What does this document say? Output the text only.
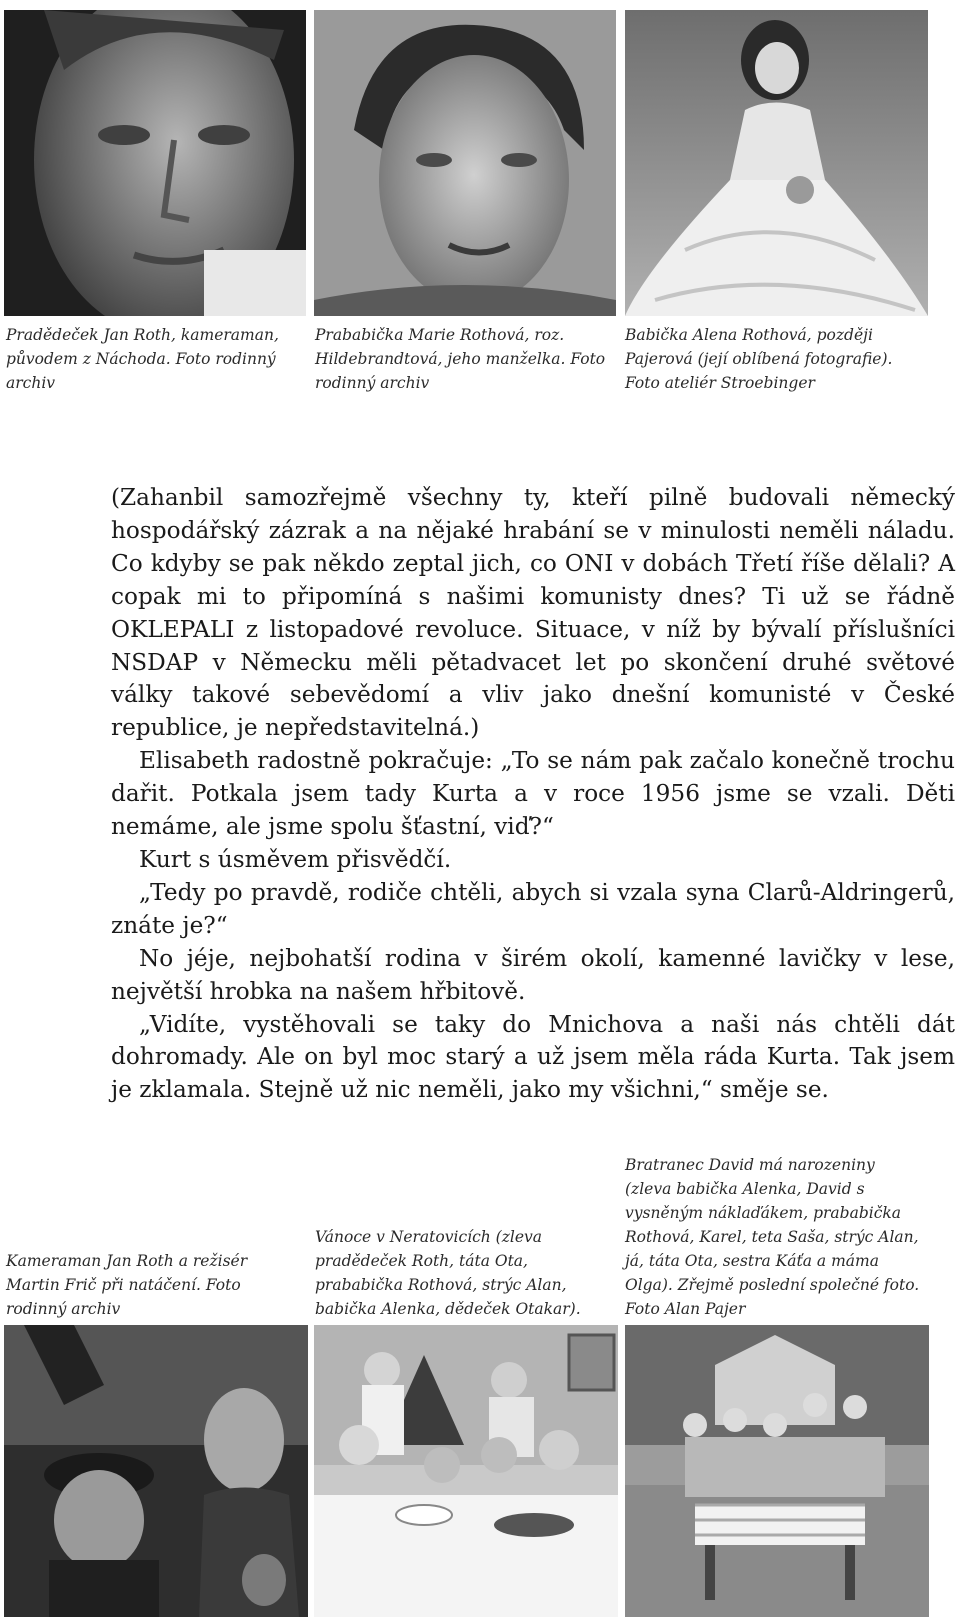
Pradědeček Jan Roth, kameraman, původem z Náchoda. Foto rodinný archiv

Prababička Marie Rothová, roz. Hildebrandtová, jeho manželka. Foto rodinný archiv

Babička Alena Rothová, později Pajerová (její oblíbená fotografie). Foto ateliér Stroebinger

(Zahanbil samozřejmě všechny ty, kteří pilně budovali německý hospodářský zázrak a na nějaké hrabání se v minulosti neměli náladu. Co kdyby se pak někdo zeptal jich, co ONI v dobách Třetí říše dělali? A copak mi to připomíná s našimi komunisty dnes? Ti už se řádně OKLEPALI z listopadové revoluce. Situace, v níž by bývalí příslušníci NSDAP v Německu měli pětadvacet let po skončení druhé světové války takové sebevědomí a vliv jako dnešní komunisté v České republice, je nepředstavitelná.)

Elisabeth radostně pokračuje: „To se nám pak začalo konečně trochu dařit. Potkala jsem tady Kurta a v roce 1956 jsme se vzali. Děti nemáme, ale jsme spolu šťastní, viď?“

Kurt s úsměvem přisvědčí.

„Tedy po pravdě, rodiče chtěli, abych si vzala syna Clarů-Aldringerů, znáte je?“

No jéje, nejbohatší rodina v širém okolí, kamenné lavičky v lese, největší hrobka na našem hřbitově.

„Vidíte, vystěhovali se taky do Mnichova a naši nás chtěli dát dohromady. Ale on byl moc starý a už jsem měla ráda Kurta. Tak jsem je zklamala. Stejně už nic neměli, jako my všichni,“ směje se.

Kameraman Jan Roth a režisér Martin Frič při natáčení. Foto rodinný archiv

Vánoce v Neratovicích (zleva pradědeček Roth, táta Ota, prababička Rothová, strýc Alan, babička Alenka, dědeček Otakar).

Bratranec David má narozeniny (zleva babička Alenka, David s vysněným náklaďákem, prababička Rothová, Karel, teta Saša, strýc Alan, já, táta Ota, sestra Káťa a máma Olga). Zřejmě poslední společné foto. Foto Alan Pajer
